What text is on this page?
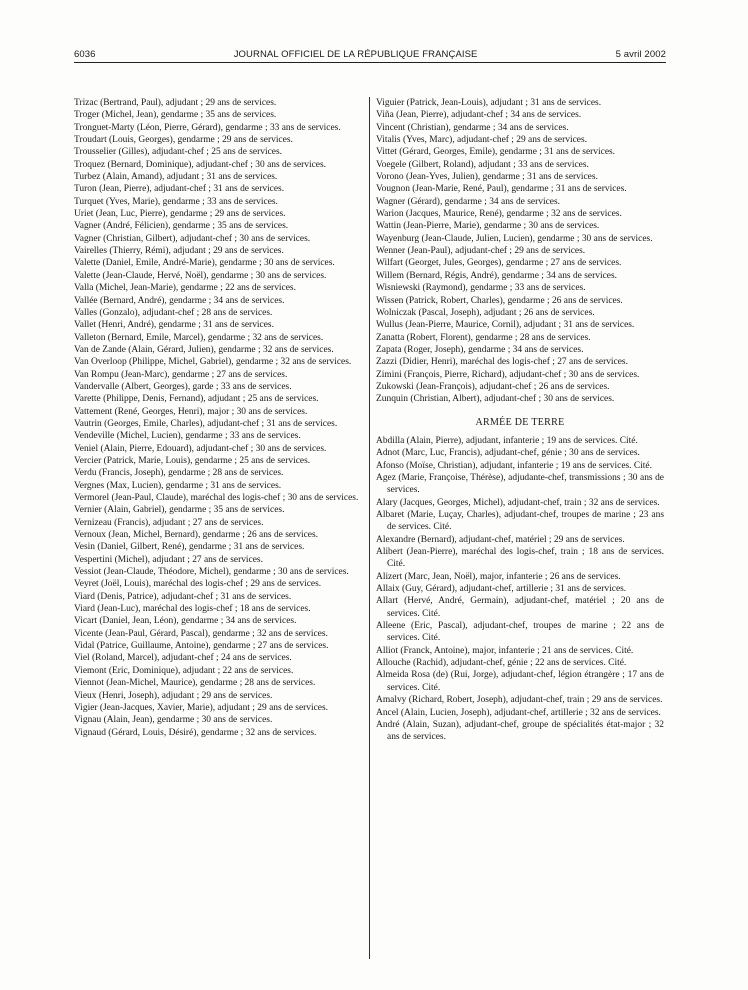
6036	JOURNAL OFFICIEL DE LA RÉPUBLIQUE FRANÇAISE	5 avril 2002

Trizac (Bertrand, Paul), adjudant ; 29 ans de services.

Troger (Michel, Jean), gendarme ; 35 ans de services.

Tronguet-Marty (Léon, Pierre, Gérard), gendarme ; 33 ans de services.

Troudart (Louis, Georges), gendarme ; 29 ans de services.

Trousselier (Gilles), adjudant-chef ; 25 ans de services.

Troquez (Bernard, Dominique), adjudant-chef ; 30 ans de services.

Turbez (Alain, Amand), adjudant ; 31 ans de services.

Turon (Jean, Pierre), adjudant-chef ; 31 ans de services.

Turquet (Yves, Marie), gendarme ; 33 ans de services.

Uriet (Jean, Luc, Pierre), gendarme ; 29 ans de services.

Vagner (André, Félicien), gendarme ; 35 ans de services.

Vagner (Christian, Gilbert), adjudant-chef ; 30 ans de services.

Vairelles (Thierry, Rémi), adjudant ; 29 ans de services.

Valette (Daniel, Emile, André-Marie), gendarme ; 30 ans de services.

Valette (Jean-Claude, Hervé, Noël), gendarme ; 30 ans de services.

Valla (Michel, Jean-Marie), gendarme ; 22 ans de services.

Vallée (Bernard, André), gendarme ; 34 ans de services.

Valles (Gonzalo), adjudant-chef ; 28 ans de services.

Vallet (Henri, André), gendarme ; 31 ans de services.

Valleton (Bernard, Emile, Marcel), gendarme ; 32 ans de services.

Van de Zande (Alain, Gérard, Julien), gendarme ; 32 ans de services.

Van Overloop (Philippe, Michel, Gabriel), gendarme ; 32 ans de services.

Van Rompu (Jean-Marc), gendarme ; 27 ans de services.

Vandervalle (Albert, Georges), garde ; 33 ans de services.

Varette (Philippe, Denis, Fernand), adjudant ; 25 ans de services.

Vattement (René, Georges, Henri), major ; 30 ans de services.

Vautrin (Georges, Emile, Charles), adjudant-chef ; 31 ans de services.

Vendeville (Michel, Lucien), gendarme ; 33 ans de services.

Veniel (Alain, Pierre, Edouard), adjudant-chef ; 30 ans de services.

Vercier (Patrick, Marie, Louis), gendarme ; 25 ans de services.

Verdu (Francis, Joseph), gendarme ; 28 ans de services.

Vergnes (Max, Lucien), gendarme ; 31 ans de services.

Vermorel (Jean-Paul, Claude), maréchal des logis-chef ; 30 ans de services.

Vernier (Alain, Gabriel), gendarme ; 35 ans de services.

Vernizeau (Francis), adjudant ; 27 ans de services.

Vernoux (Jean, Michel, Bernard), gendarme ; 26 ans de services.

Vesin (Daniel, Gilbert, René), gendarme ; 31 ans de services.

Vespertini (Michel), adjudant ; 27 ans de services.

Vessiot (Jean-Claude, Théodore, Michel), gendarme ; 30 ans de services.

Veyret (Joël, Louis), maréchal des logis-chef ; 29 ans de services.

Viard (Denis, Patrice), adjudant-chef ; 31 ans de services.

Viard (Jean-Luc), maréchal des logis-chef ; 18 ans de services.

Vicart (Daniel, Jean, Léon), gendarme ; 34 ans de services.

Vicente (Jean-Paul, Gérard, Pascal), gendarme ; 32 ans de services.

Vidal (Patrice, Guillaume, Antoine), gendarme ; 27 ans de services.

Viel (Roland, Marcel), adjudant-chef ; 24 ans de services.

Viemont (Eric, Dominique), adjudant ; 22 ans de services.

Viennot (Jean-Michel, Maurice), gendarme ; 28 ans de services.

Vieux (Henri, Joseph), adjudant ; 29 ans de services.

Vigier (Jean-Jacques, Xavier, Marie), adjudant ; 29 ans de services.

Vignau (Alain, Jean), gendarme ; 30 ans de services.

Vignaud (Gérard, Louis, Désiré), gendarme ; 32 ans de services.

Viguier (Patrick, Jean-Louis), adjudant ; 31 ans de services.

Viña (Jean, Pierre), adjudant-chef ; 34 ans de services.

Vincent (Christian), gendarme ; 34 ans de services.

Vitalis (Yves, Marc), adjudant-chef ; 29 ans de services.

Vittet (Gérard, Georges, Emile), gendarme ; 31 ans de services.

Voegele (Gilbert, Roland), adjudant ; 33 ans de services.

Vorono (Jean-Yves, Julien), gendarme ; 31 ans de services.

Vougnon (Jean-Marie, René, Paul), gendarme ; 31 ans de services.

Wagner (Gérard), gendarme ; 34 ans de services.

Warion (Jacques, Maurice, René), gendarme ; 32 ans de services.

Wattin (Jean-Pierre, Marie), gendarme ; 30 ans de services.

Wayenburg (Jean-Claude, Julien, Lucien), gendarme ; 30 ans de services.

Wenner (Jean-Paul), adjudant-chef ; 29 ans de services.

Wilfart (Georget, Jules, Georges), gendarme ; 27 ans de services.

Willem (Bernard, Régis, André), gendarme ; 34 ans de services.

Wisniewski (Raymond), gendarme ; 33 ans de services.

Wissen (Patrick, Robert, Charles), gendarme ; 26 ans de services.

Wolniczak (Pascal, Joseph), adjudant ; 26 ans de services.

Wullus (Jean-Pierre, Maurice, Cornil), adjudant ; 31 ans de services.

Zanatta (Robert, Florent), gendarme ; 28 ans de services.

Zapata (Roger, Joseph), gendarme ; 34 ans de services.

Zazzi (Didier, Henri), maréchal des logis-chef ; 27 ans de services.

Zimini (François, Pierre, Richard), adjudant-chef ; 30 ans de services.

Zukowski (Jean-François), adjudant-chef ; 26 ans de services.

Zunquin (Christian, Albert), adjudant-chef ; 30 ans de services.

ARMÉE DE TERRE

Abdilla (Alain, Pierre), adjudant, infanterie ; 19 ans de services. Cité.

Adnot (Marc, Luc, Francis), adjudant-chef, génie ; 30 ans de services.

Afonso (Moïse, Christian), adjudant, infanterie ; 19 ans de services. Cité.

Agez (Marie, Françoise, Thérèse), adjudante-chef, transmissions ; 30 ans de services.

Alary (Jacques, Georges, Michel), adjudant-chef, train ; 32 ans de services.

Albaret (Marie, Luçay, Charles), adjudant-chef, troupes de marine ; 23 ans de services. Cité.

Alexandre (Bernard), adjudant-chef, matériel ; 29 ans de services.

Alibert (Jean-Pierre), maréchal des logis-chef, train ; 18 ans de services. Cité.

Alizert (Marc, Jean, Noël), major, infanterie ; 26 ans de services.

Allaix (Guy, Gérard), adjudant-chef, artillerie ; 31 ans de services.

Allart (Hervé, André, Germain), adjudant-chef, matériel ; 20 ans de services. Cité.

Alleene (Eric, Pascal), adjudant-chef, troupes de marine ; 22 ans de services. Cité.

Alliot (Franck, Antoine), major, infanterie ; 21 ans de services. Cité.

Allouche (Rachid), adjudant-chef, génie ; 22 ans de services. Cité.

Almeida Rosa (de) (Rui, Jorge), adjudant-chef, légion étrangère ; 17 ans de services. Cité.

Amalvy (Richard, Robert, Joseph), adjudant-chef, train ; 29 ans de services.

Ancel (Alain, Lucien, Joseph), adjudant-chef, artillerie ; 32 ans de services.

André (Alain, Suzan), adjudant-chef, groupe de spécialités état-major ; 32 ans de services.
